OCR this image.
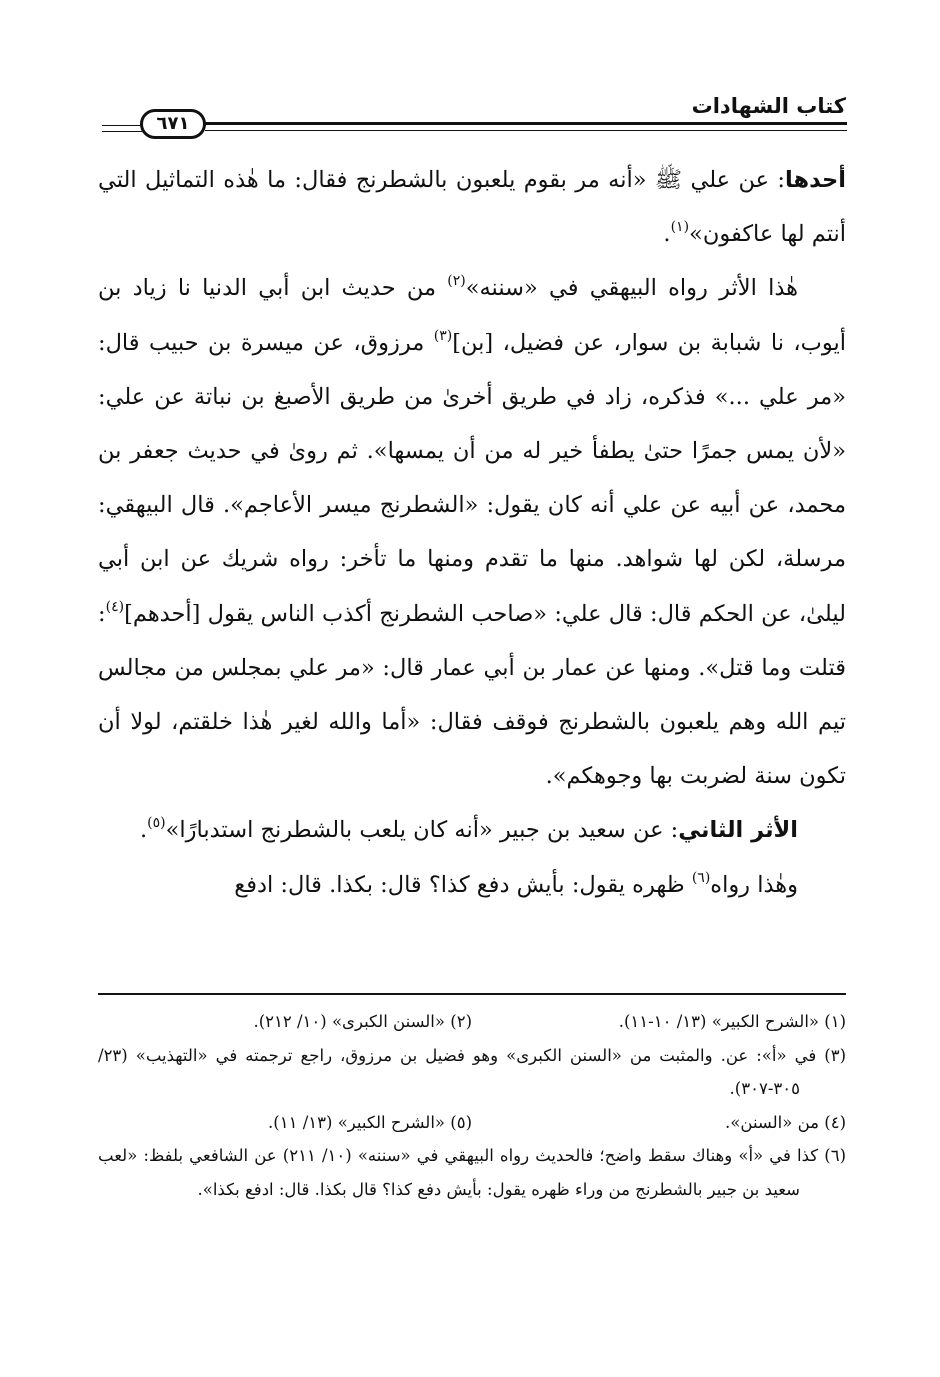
كتاب الشهادات
٦٧١

أحدها: عن علي ﷺ «أنه مر بقوم يلعبون بالشطرنج فقال: ما هٰذه التماثيل التي أنتم لها عاكفون»$^{(١)}$.

هٰذا الأثر رواه البيهقي في «سننه»$^{(٢)}$ من حديث ابن أبي الدنيا نا زياد بن أيوب، نا شبابة بن سوار، عن فضيل، [بن]$^{(٣)}$ مرزوق، عن ميسرة بن حبيب قال: «مر علي ...» فذكره، زاد في طريق أخرىٰ من طريق الأصبغ بن نباتة عن علي: «لأن يمس جمرًا حتىٰ يطفأ خير له من أن يمسها». ثم روىٰ في حديث جعفر بن محمد، عن أبيه عن علي أنه كان يقول: «الشطرنج ميسر الأعاجم». قال البيهقي: مرسلة، لكن لها شواهد. منها ما تقدم ومنها ما تأخر: رواه شريك عن ابن أبي ليلىٰ، عن الحكم قال: قال علي: «صاحب الشطرنج أكذب الناس يقول [أحدهم]$^{(٤)}$: قتلت وما قتل». ومنها عن عمار بن أبي عمار قال: «مر علي بمجلس من مجالس تيم الله وهم يلعبون بالشطرنج فوقف فقال: «أما والله لغير هٰذا خلقتم، لولا أن تكون سنة لضربت بها وجوهكم».

الأثر الثاني: عن سعيد بن جبير «أنه كان يلعب بالشطرنج استدبارًا»$^{(٥)}$.

وهٰذا رواه$^{(٦)}$ ظهره يقول: بأيش دفع كذا؟ قال: بكذا. قال: ادفع

(١) «الشرح الكبير» (١٣/ ١٠-١١).
(٢) «السنن الكبرى» (١٠/ ٢١٢).

(٣) في «أ»: عن. والمثبت من «السنن الكبرى» وهو فضيل بن مرزوق، راجع ترجمته في «التهذيب» (٢٣/ ٣٠٥-٣٠٧).

(٤) من «السنن».
(٥) «الشرح الكبير» (١٣/ ١١).

(٦) كذا في «أ» وهناك سقط واضح؛ فالحديث رواه البيهقي في «سننه» (١٠/ ٢١١) عن الشافعي بلفظ: «لعب سعيد بن جبير بالشطرنج من وراء ظهره يقول: بأيش دفع كذا؟ قال بكذا. قال: ادفع بكذا».
